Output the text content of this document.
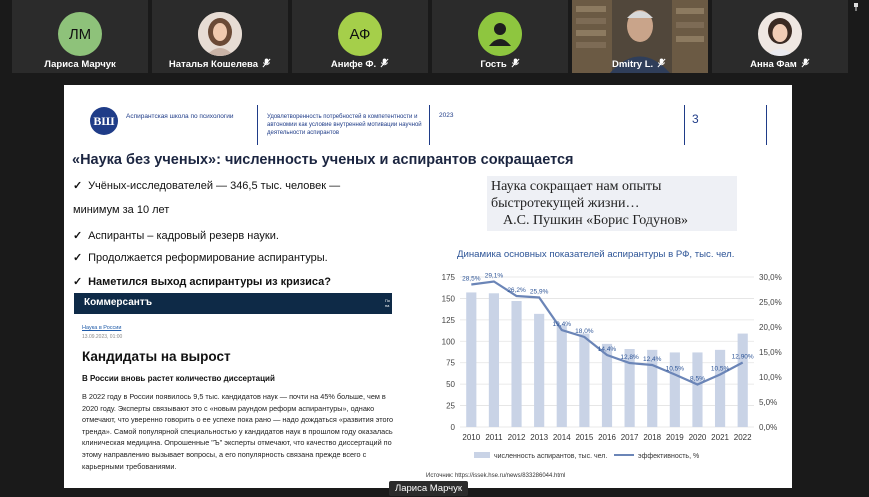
ЛМ
Лариса Марчук	Наталья Кошелева
АФ
Анифе Ф.	Гость	Dmitry L.	Анна Фам
ВШ	Аспирантская школа по психологии	Удовлетворенность потребностей в компетентности и автономии как условие внутренней мотивации научной деятельности аспирантов
2023	3
«Наука без ученых»: численность ученых и аспирантов сокращается
✓ Учёных-исследователей — 346,5 тыс. человек —
минимум за 10 лет
✓ Аспиранты – кадровый резерв науки.
✓ Продолжается реформирование аспирантуры.
✓ Наметился выход аспирантуры из кризиса?
Наука сокращает нам опыты
быстротекущей жизни…
А.С. Пушкин «Борис Годунов»
Коммерсантъ	По
на
Наука в России
13.09.2023, 01:00
Кандидаты на вырост
В России вновь растет количество диссертаций
В 2022 году в России появилось 9,5 тыс. кандидатов наук — почти на 45% больше, чем в 2020 году. Эксперты связывают это с «новым раундом реформ аспирантуры», однако отмечают, что уверенно говорить о ее успехе пока рано — надо дождаться «развития этого тренда». Самой популярной специальностью у кандидатов наук в прошлом году оказалась клиническая медицина. Опрошенные "Ъ" эксперты отмечают, что качество диссертаций по этому направлению вызывает вопросы, а его популярность связана прежде всего с карьерными требованиями.
Динамика основных показателей аспирантуры в РФ, тыс. чел.
0
25
50
75
100
125
150
175
0,0%
5,0%
10,0%
15,0%
20,0%
25,0%
30,0%
2010 2011 2012 2013 2014 2015 2016 2017 2018 2019 2020 2021 2022
28,5% 29,1%
26,2% 25,9%
19,4%
18,0%
14,4%
12,8% 12,4%
10,5%
8,5%
10,5%
12,90%
численность аспирантов, тыс. чел.	эффективность, %
Источник: https://issek.hse.ru/news/833286044.html
Лариса Марчук
